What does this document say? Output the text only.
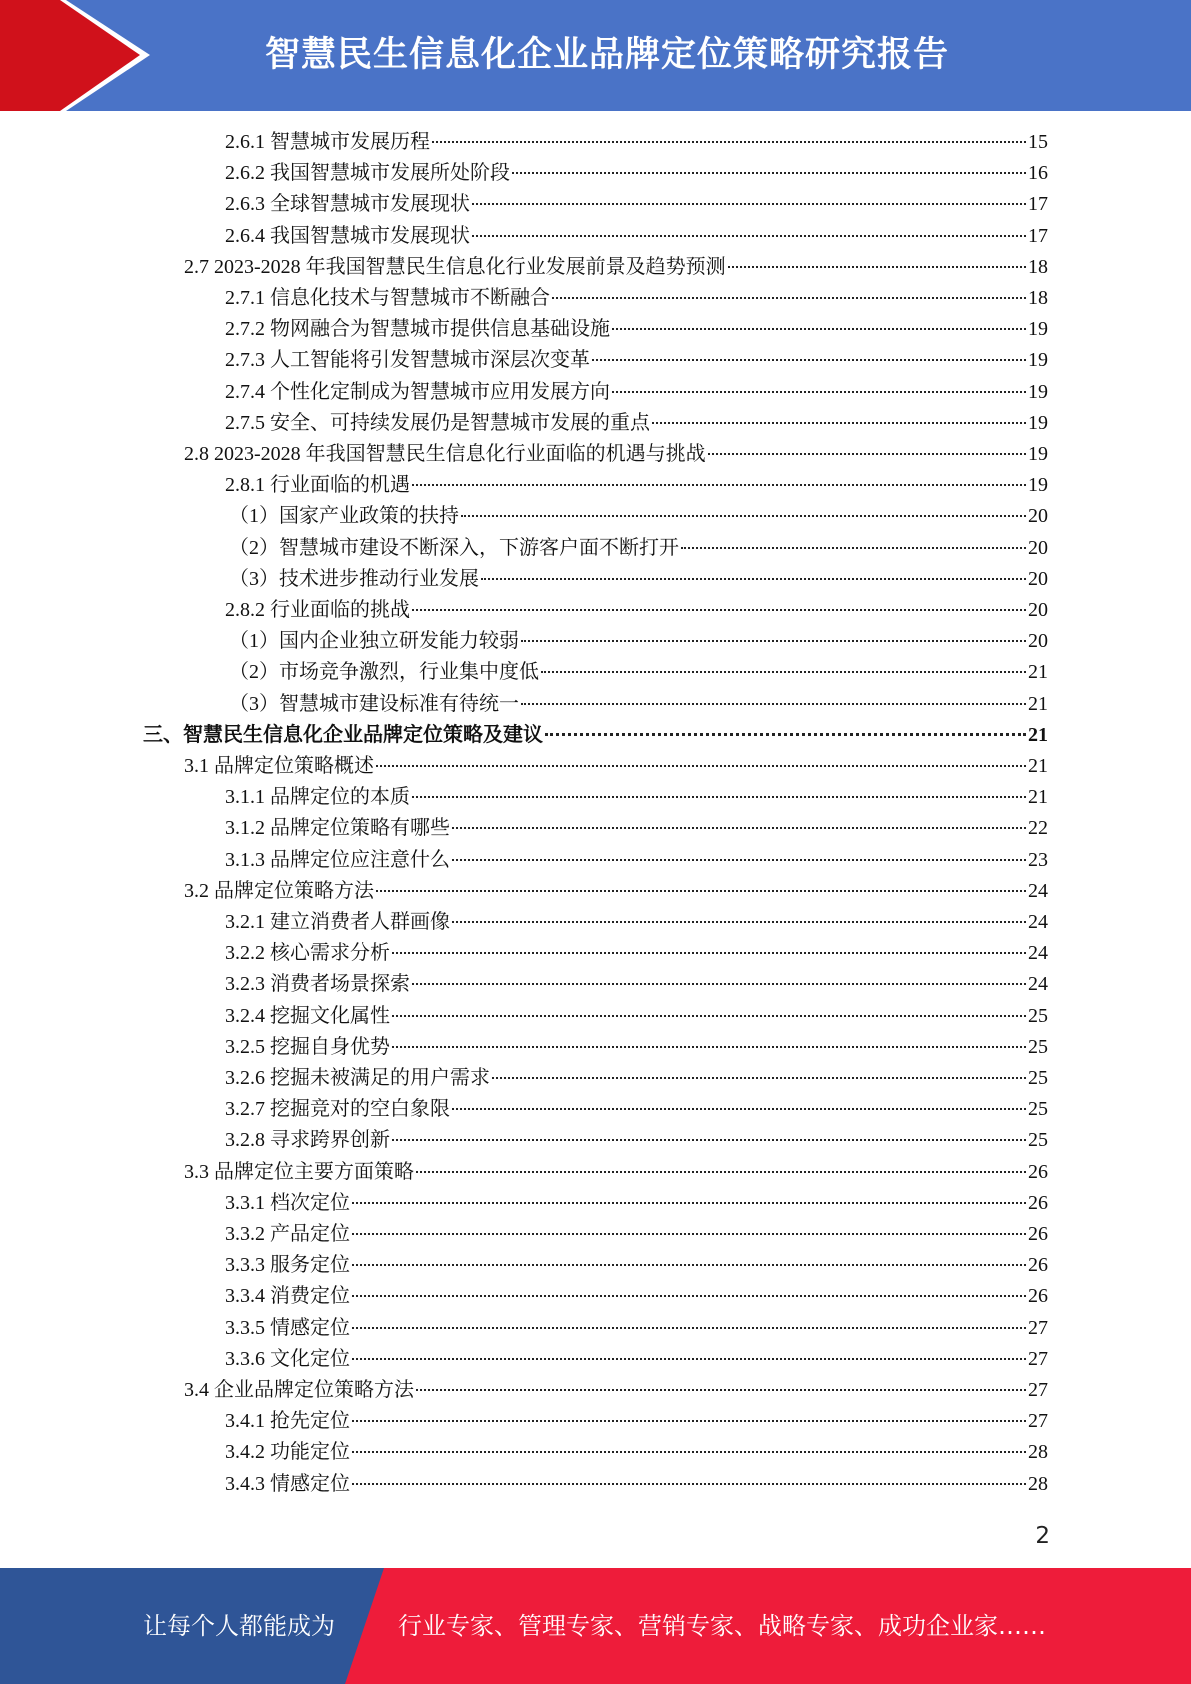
智慧民生信息化企业品牌定位策略研究报告
2.6.1 智慧城市发展历程	15
2.6.2 我国智慧城市发展所处阶段	16
2.6.3 全球智慧城市发展现状	17
2.6.4 我国智慧城市发展现状	17
2.7 2023-2028 年我国智慧民生信息化行业发展前景及趋势预测	18
2.7.1 信息化技术与智慧城市不断融合	18
2.7.2 物网融合为智慧城市提供信息基础设施	19
2.7.3 人工智能将引发智慧城市深层次变革	19
2.7.4 个性化定制成为智慧城市应用发展方向	19
2.7.5 安全、可持续发展仍是智慧城市发展的重点	19
2.8 2023-2028 年我国智慧民生信息化行业面临的机遇与挑战	19
2.8.1 行业面临的机遇	19
（1）国家产业政策的扶持	20
（2）智慧城市建设不断深入，下游客户面不断打开	20
（3）技术进步推动行业发展	20
2.8.2 行业面临的挑战	20
（1）国内企业独立研发能力较弱	20
（2）市场竞争激烈，行业集中度低	21
（3）智慧城市建设标准有待统一	21
三、智慧民生信息化企业品牌定位策略及建议	21
3.1 品牌定位策略概述	21
3.1.1 品牌定位的本质	21
3.1.2 品牌定位策略有哪些	22
3.1.3 品牌定位应注意什么	23
3.2 品牌定位策略方法	24
3.2.1 建立消费者人群画像	24
3.2.2 核心需求分析	24
3.2.3 消费者场景探索	24
3.2.4 挖掘文化属性	25
3.2.5 挖掘自身优势	25
3.2.6 挖掘未被满足的用户需求	25
3.2.7 挖掘竞对的空白象限	25
3.2.8 寻求跨界创新	25
3.3 品牌定位主要方面策略	26
3.3.1 档次定位	26
3.3.2 产品定位	26
3.3.3 服务定位	26
3.3.4 消费定位	26
3.3.5 情感定位	27
3.3.6 文化定位	27
3.4 企业品牌定位策略方法	27
3.4.1 抢先定位	27
3.4.2 功能定位	28
3.4.3 情感定位	28
2
让每个人都能成为	行业专家、管理专家、营销专家、战略专家、成功企业家……
